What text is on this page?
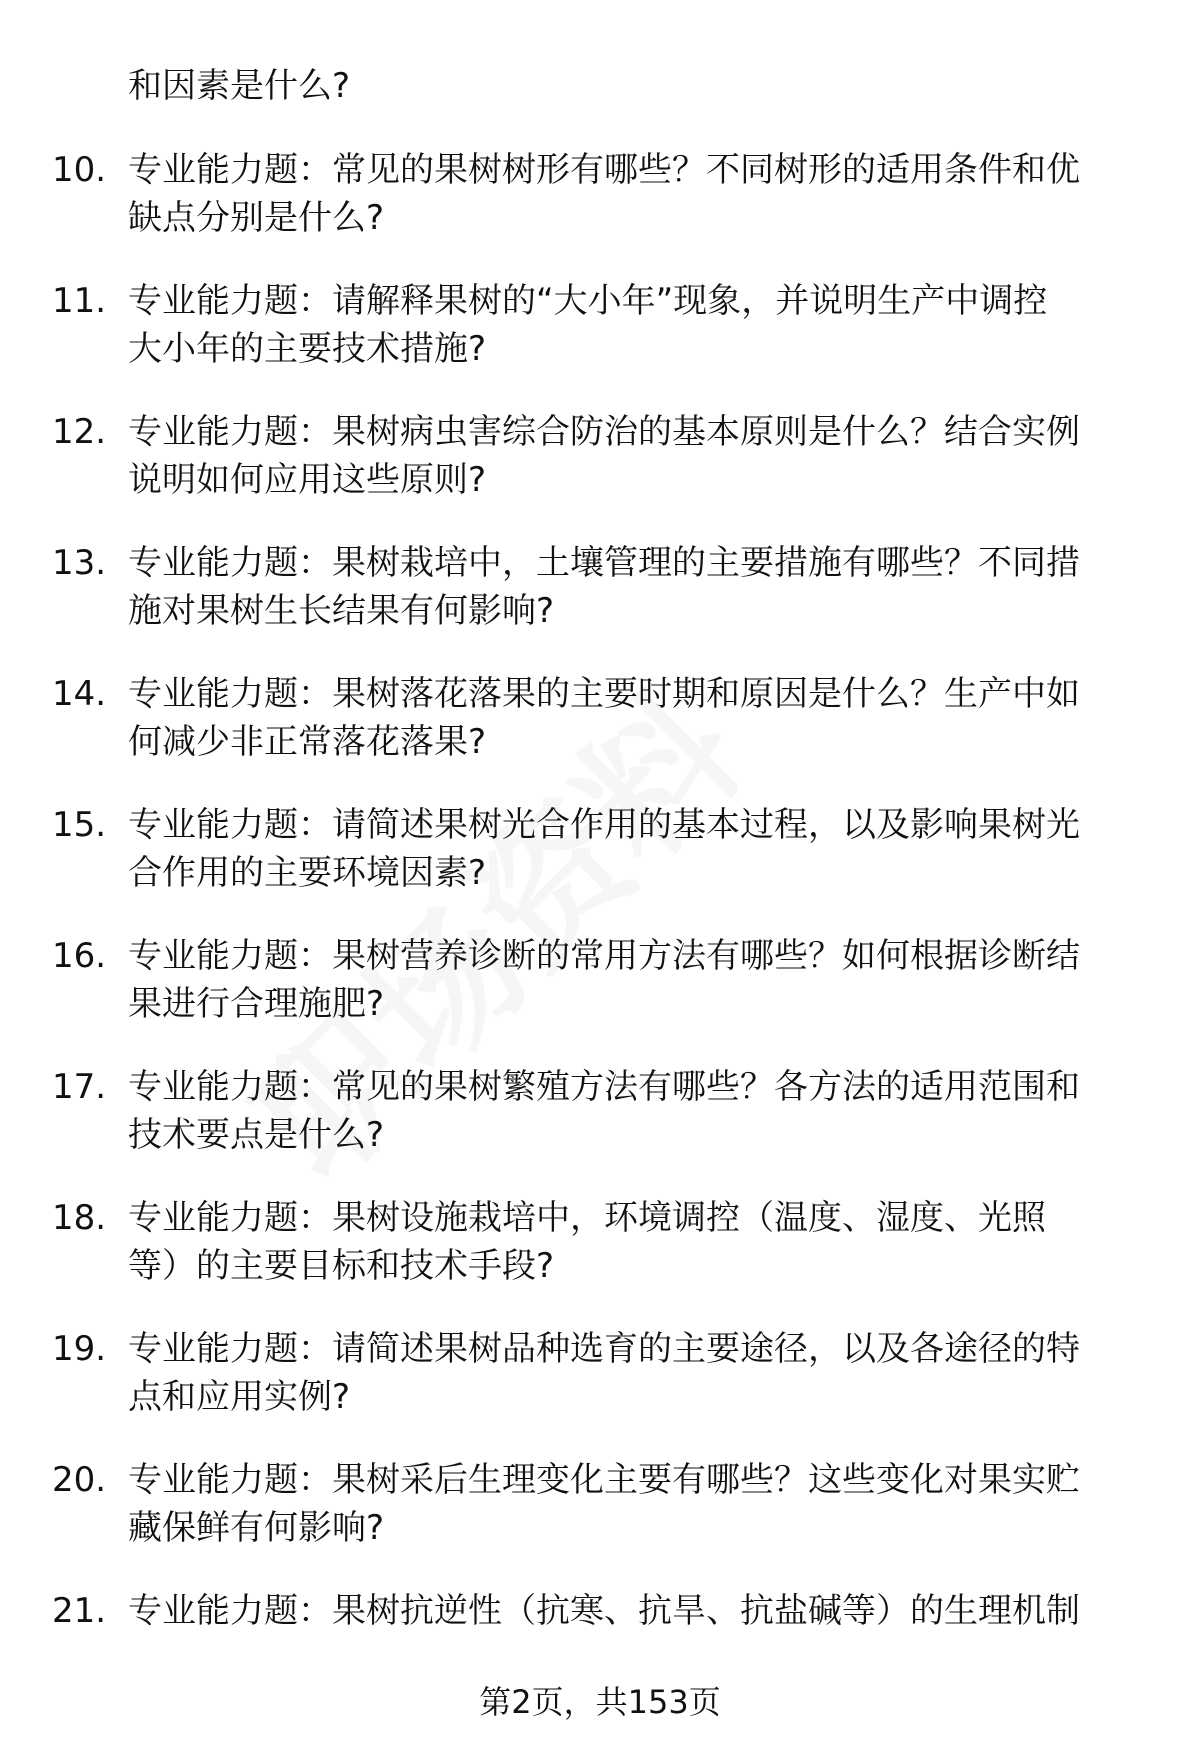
和因素是什么?
10. 专业能力题：常见的果树树形有哪些？不同树形的适用条件和优
缺点分别是什么?
11. 专业能力题：请解释果树的“大小年”现象，并说明生产中调控
大小年的主要技术措施?
12. 专业能力题：果树病虫害综合防治的基本原则是什么？结合实例
说明如何应用这些原则?
13. 专业能力题：果树栽培中，土壤管理的主要措施有哪些？不同措
施对果树生长结果有何影响?
14. 专业能力题：果树落花落果的主要时期和原因是什么？生产中如
何减少非正常落花落果?
15. 专业能力题：请简述果树光合作用的基本过程，以及影响果树光
合作用的主要环境因素?
16. 专业能力题：果树营养诊断的常用方法有哪些？如何根据诊断结
果进行合理施肥?
17. 专业能力题：常见的果树繁殖方法有哪些？各方法的适用范围和
技术要点是什么?
18. 专业能力题：果树设施栽培中，环境调控（温度、湿度、光照
等）的主要目标和技术手段?
19. 专业能力题：请简述果树品种选育的主要途径，以及各途径的特
点和应用实例?
20. 专业能力题：果树采后生理变化主要有哪些？这些变化对果实贮
藏保鲜有何影响?
21. 专业能力题：果树抗逆性（抗寒、抗旱、抗盐碱等）的生理机制
第2页，共153页
